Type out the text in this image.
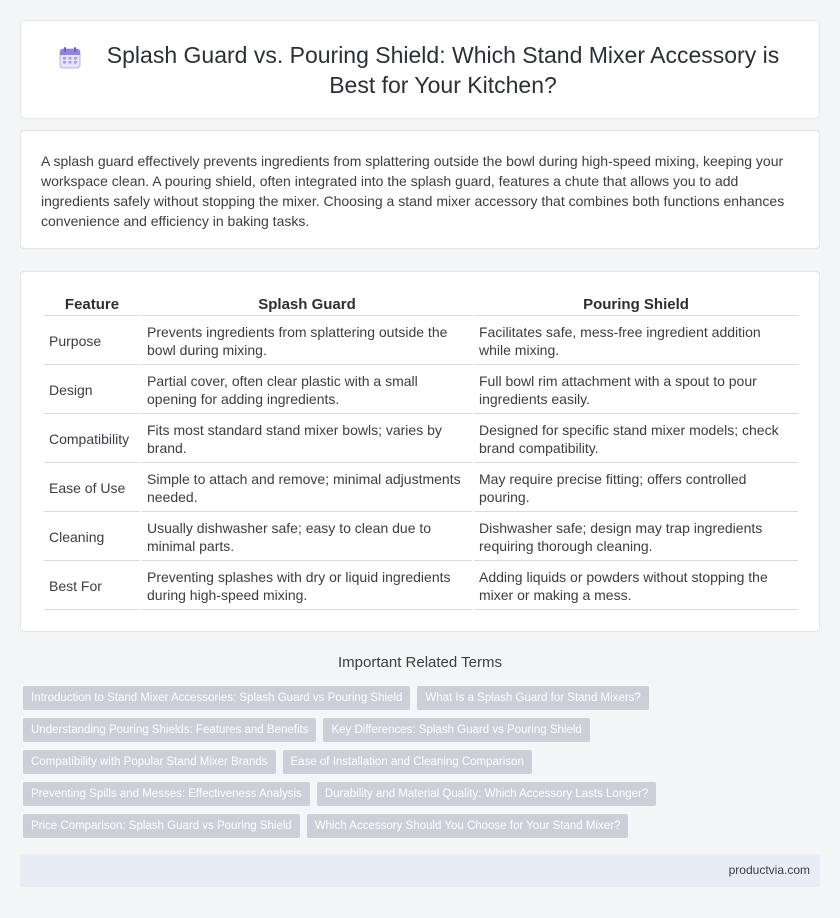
Splash Guard vs. Pouring Shield: Which Stand Mixer Accessory is Best for Your Kitchen?

A splash guard effectively prevents ingredients from splattering outside the bowl during high-speed mixing, keeping your workspace clean. A pouring shield, often integrated into the splash guard, features a chute that allows you to add ingredients safely without stopping the mixer. Choosing a stand mixer accessory that combines both functions enhances convenience and efficiency in baking tasks.

Feature	Splash Guard	Pouring Shield
Purpose	Prevents ingredients from splattering outside the bowl during mixing.	Facilitates safe, mess-free ingredient addition while mixing.
Design	Partial cover, often clear plastic with a small opening for adding ingredients.	Full bowl rim attachment with a spout to pour ingredients easily.
Compatibility	Fits most standard stand mixer bowls; varies by brand.	Designed for specific stand mixer models; check brand compatibility.
Ease of Use	Simple to attach and remove; minimal adjustments needed.	May require precise fitting; offers controlled pouring.
Cleaning	Usually dishwasher safe; easy to clean due to minimal parts.	Dishwasher safe; design may trap ingredients requiring thorough cleaning.
Best For	Preventing splashes with dry or liquid ingredients during high-speed mixing.	Adding liquids or powders without stopping the mixer or making a mess.
Important Related Terms
Introduction to Stand Mixer Accessories: Splash Guard vs Pouring Shield	What Is a Splash Guard for Stand Mixers?
Understanding Pouring Shields: Features and Benefits	Key Differences: Splash Guard vs Pouring Shield
Compatibility with Popular Stand Mixer Brands	Ease of Installation and Cleaning Comparison
Preventing Spills and Messes: Effectiveness Analysis	Durability and Material Quality: Which Accessory Lasts Longer?
Price Comparison: Splash Guard vs Pouring Shield	Which Accessory Should You Choose for Your Stand Mixer?
productvia.com
